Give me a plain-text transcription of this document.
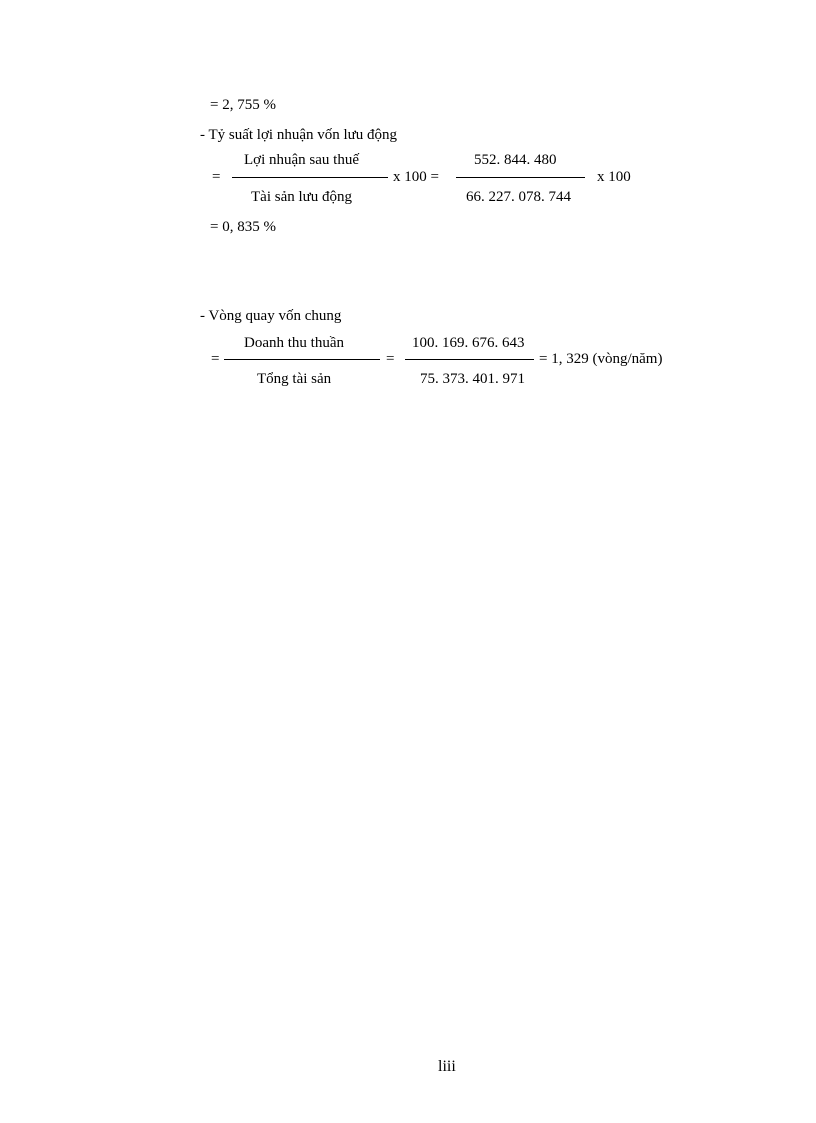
= 2, 755 %
- Tỷ suất lợi nhuận vốn lưu động
Lợi nhuận sau thuế
=	x 100 =
Tài sản lưu động
552. 844. 480
x 100
66. 227. 078. 744
= 0, 835 %
- Vòng quay vốn chung
Doanh thu thuần
=	=
Tổng tài sản
100. 169. 676. 643
= 1, 329 (vòng/năm)
75. 373. 401. 971
liii
